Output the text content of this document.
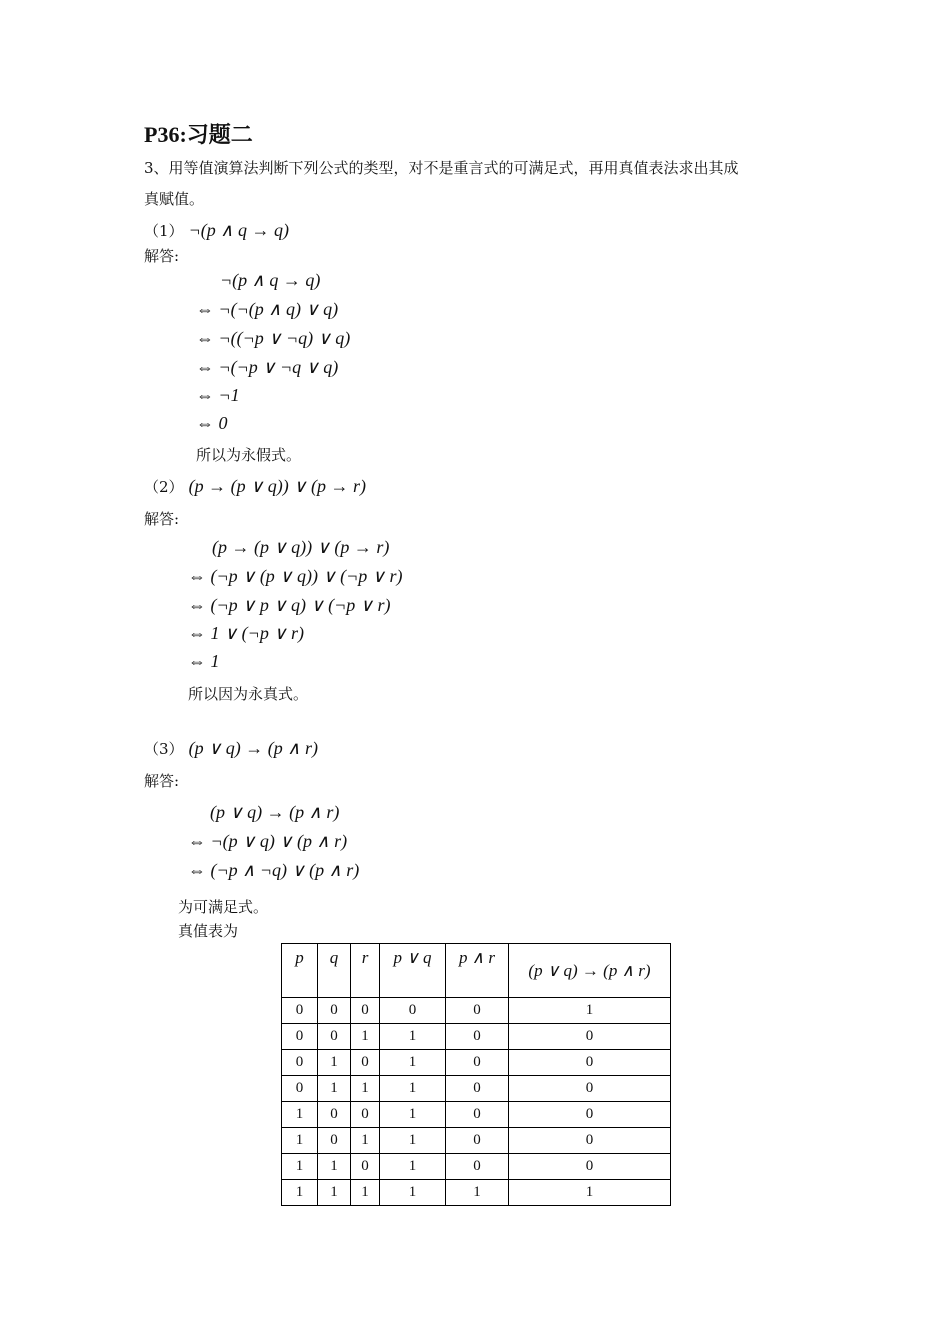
P36:习题二
3、用等值演算法判断下列公式的类型，对不是重言式的可满足式，再用真值表法求出其成
真赋值。
（1） ¬(p ∧ q → q)
解答:
¬(p ∧ q → q)
⇔ ¬(¬(p ∧ q) ∨ q)
⇔ ¬((¬p ∨ ¬q) ∨ q)
⇔ ¬(¬p ∨ ¬q ∨ q)
⇔ ¬1
⇔ 0
所以为永假式。
（2） (p → (p ∨ q)) ∨ (p → r)
解答:
(p → (p ∨ q)) ∨ (p → r)
⇔ (¬p ∨ (p ∨ q)) ∨ (¬p ∨ r)
⇔ (¬p ∨ p ∨ q) ∨ (¬p ∨ r)
⇔ 1 ∨ (¬p ∨ r)
⇔ 1
所以因为永真式。
（3） (p ∨ q) → (p ∧ r)
解答:
(p ∨ q) → (p ∧ r)
⇔ ¬(p ∨ q) ∨ (p ∧ r)
⇔ (¬p ∧ ¬q) ∨ (p ∧ r)
为可满足式。
真值表为
p	q	r	p ∨ q	p ∧ r	(p ∨ q) → (p ∧ r)
0	0	0	0	0	1
0	0	1	1	0	0
0	1	0	1	0	0
0	1	1	1	0	0
1	0	0	1	0	0
1	0	1	1	0	0
1	1	0	1	0	0
1	1	1	1	1	1
